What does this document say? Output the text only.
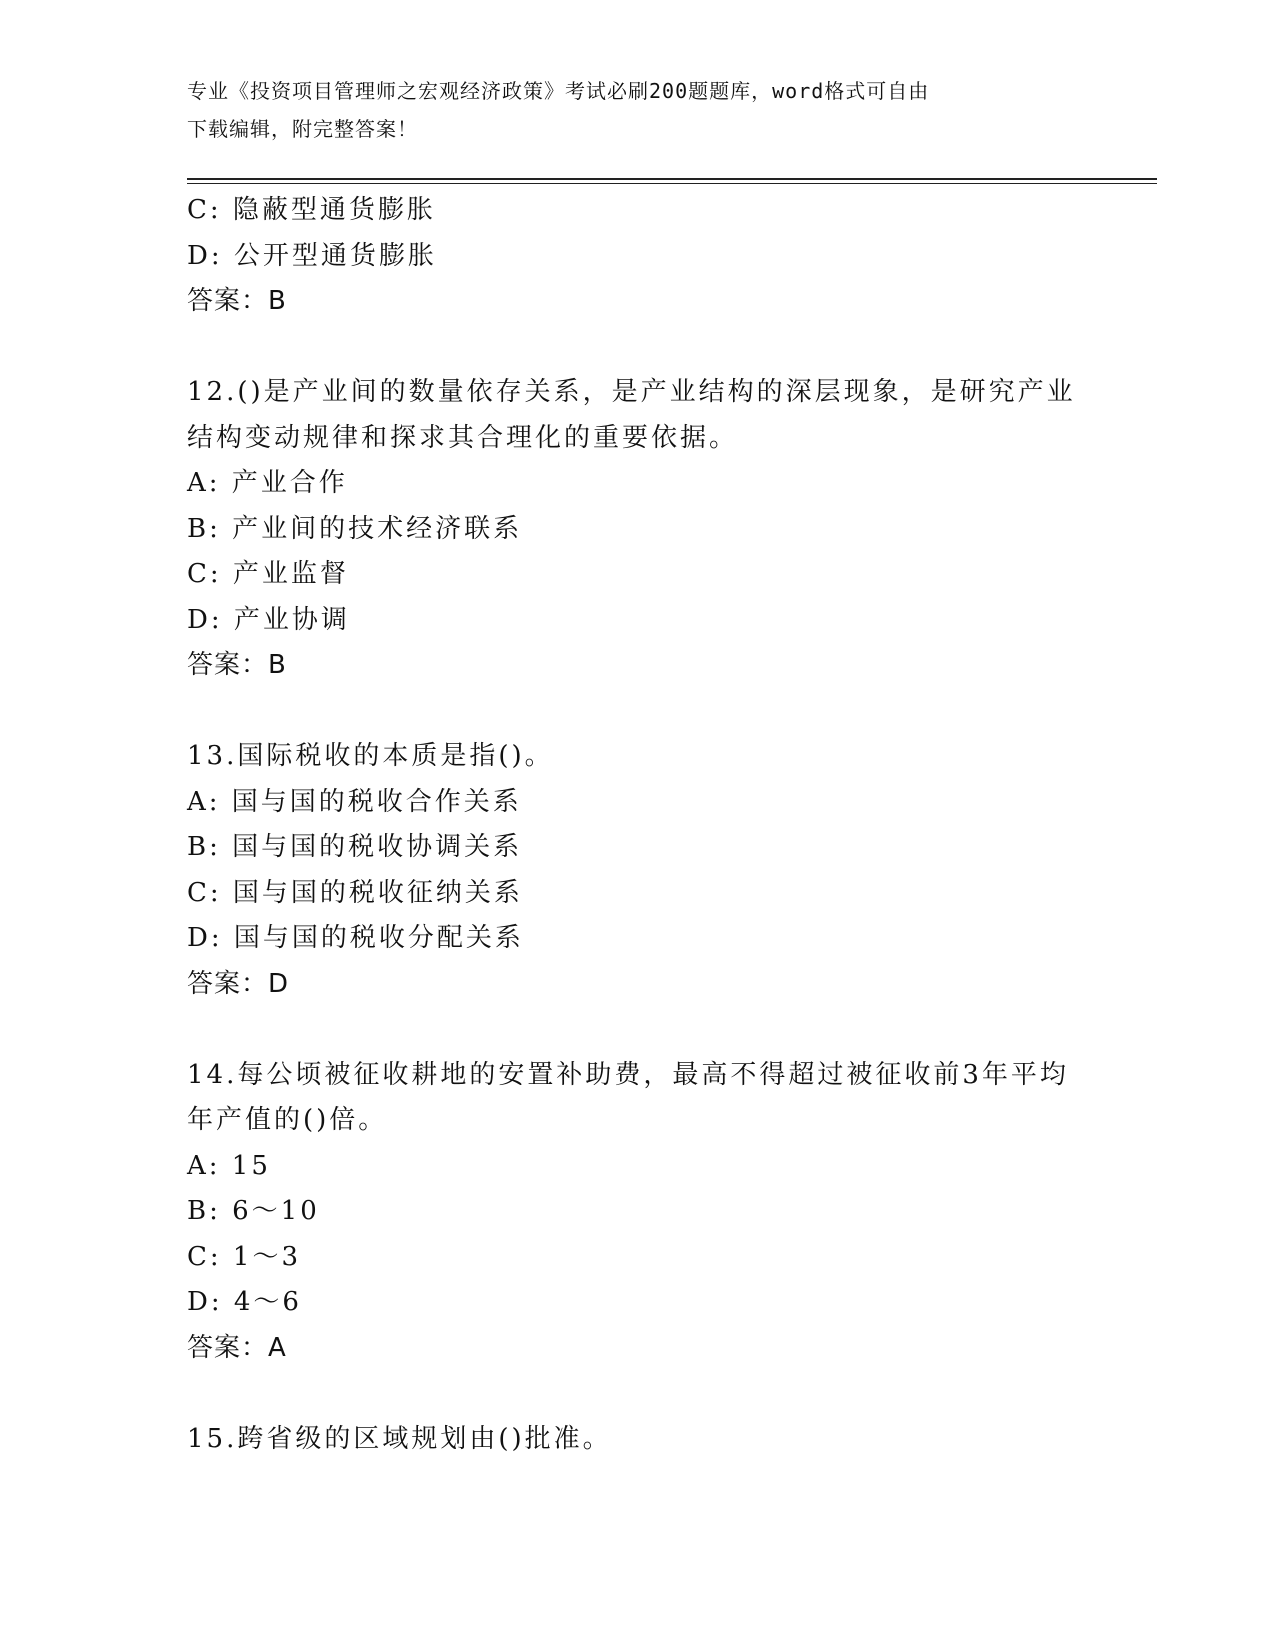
专业《投资项目管理师之宏观经济政策》考试必刷200题题库，word格式可自由
下载编辑，附完整答案！
C: 隐蔽型通货膨胀
D: 公开型通货膨胀
答案：B
12.()是产业间的数量依存关系，是产业结构的深层现象，是研究产业
结构变动规律和探求其合理化的重要依据。
A: 产业合作
B: 产业间的技术经济联系
C: 产业监督
D: 产业协调
答案：B
13.国际税收的本质是指()。
A: 国与国的税收合作关系
B: 国与国的税收协调关系
C: 国与国的税收征纳关系
D: 国与国的税收分配关系
答案：D
14.每公顷被征收耕地的安置补助费，最高不得超过被征收前3年平均
年产值的()倍。
A: 15
B: 6～10
C: 1～3
D: 4～6
答案：A
15.跨省级的区域规划由()批准。
